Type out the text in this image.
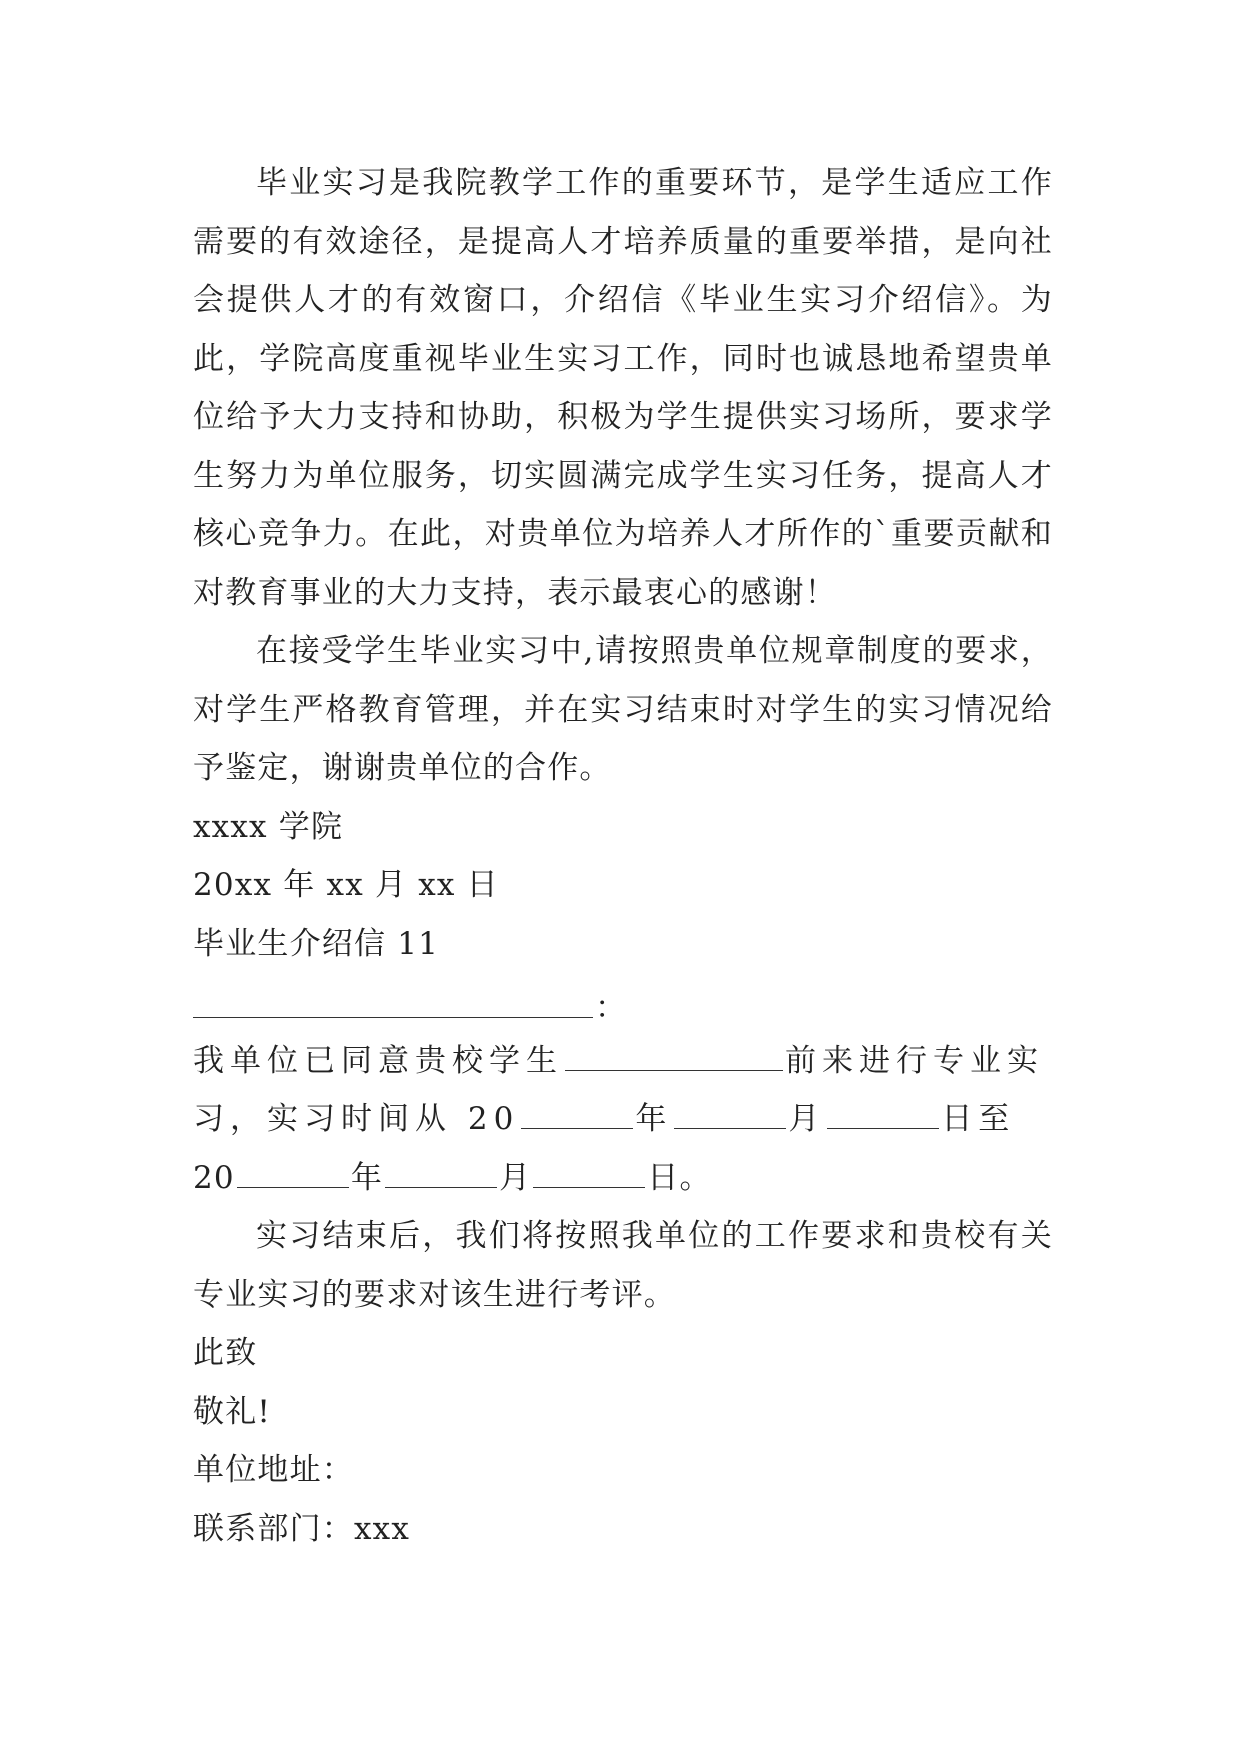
毕业实习是我院教学工作的重要环节，是学生适应工作需要的有效途径，是提高人才培养质量的重要举措，是向社会提供人才的有效窗口，介绍信《毕业生实习介绍信》。为此，学院高度重视毕业生实习工作，同时也诚恳地希望贵单位给予大力支持和协助，积极为学生提供实习场所，要求学生努力为单位服务，切实圆满完成学生实习任务，提高人才核心竞争力。在此，对贵单位为培养人才所作的`重要贡献和对教育事业的大力支持，表示最衷心的感谢！

在接受学生毕业实习中,请按照贵单位规章制度的要求，对学生严格教育管理，并在实习结束时对学生的实习情况给予鉴定，谢谢贵单位的合作。

xxxx 学院

20xx 年 xx 月 xx 日

毕业生介绍信 11

：

我单位已同意贵校学生	前来进行专业实

习，实习时间从 20	年	月	日至

20	年	月	日。

实习结束后，我们将按照我单位的工作要求和贵校有关专业实习的要求对该生进行考评。

此致

敬礼!

单位地址：

联系部门：xxx
